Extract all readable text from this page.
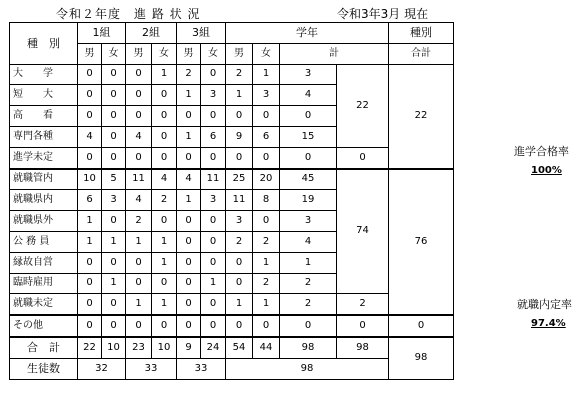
令和２年度　進 路 状 況	令和3年3月 現在
種　別	1組		2組		3組		学年				種別
	男	女	男	女	男	女	男	女	計		合計
大　　学	0	0	0	1	2	0	2	1	3	22	22
短　　大	0	0	0	0	1	3	1	3	4		
高　　看	0	0	0	0	0	0	0	0	0		
専門各種	4	0	4	0	1	6	9	6	15		
進学未定	0	0	0	0	0	0	0	0	0	0	
就職管内	10	5	11	4	4	11	25	20	45	74	76
就職県内	6	3	4	2	1	3	11	8	19		
就職県外	1	0	2	0	0	0	3	0	3		
公 務 員	1	1	1	1	0	0	2	2	4		
縁故自営	0	0	0	1	0	0	0	1	1		
臨時雇用	0	1	0	0	0	1	0	2	2		
就職未定	0	0	1	1	0	0	1	1	2	2	
その他	0	0	0	0	0	0	0	0	0	0	0
合　計	22	10	23	10	9	24	54	44	98	98	98
生徒数	32		33		33		98				
進学合格率
100%
就職内定率
97.4%
